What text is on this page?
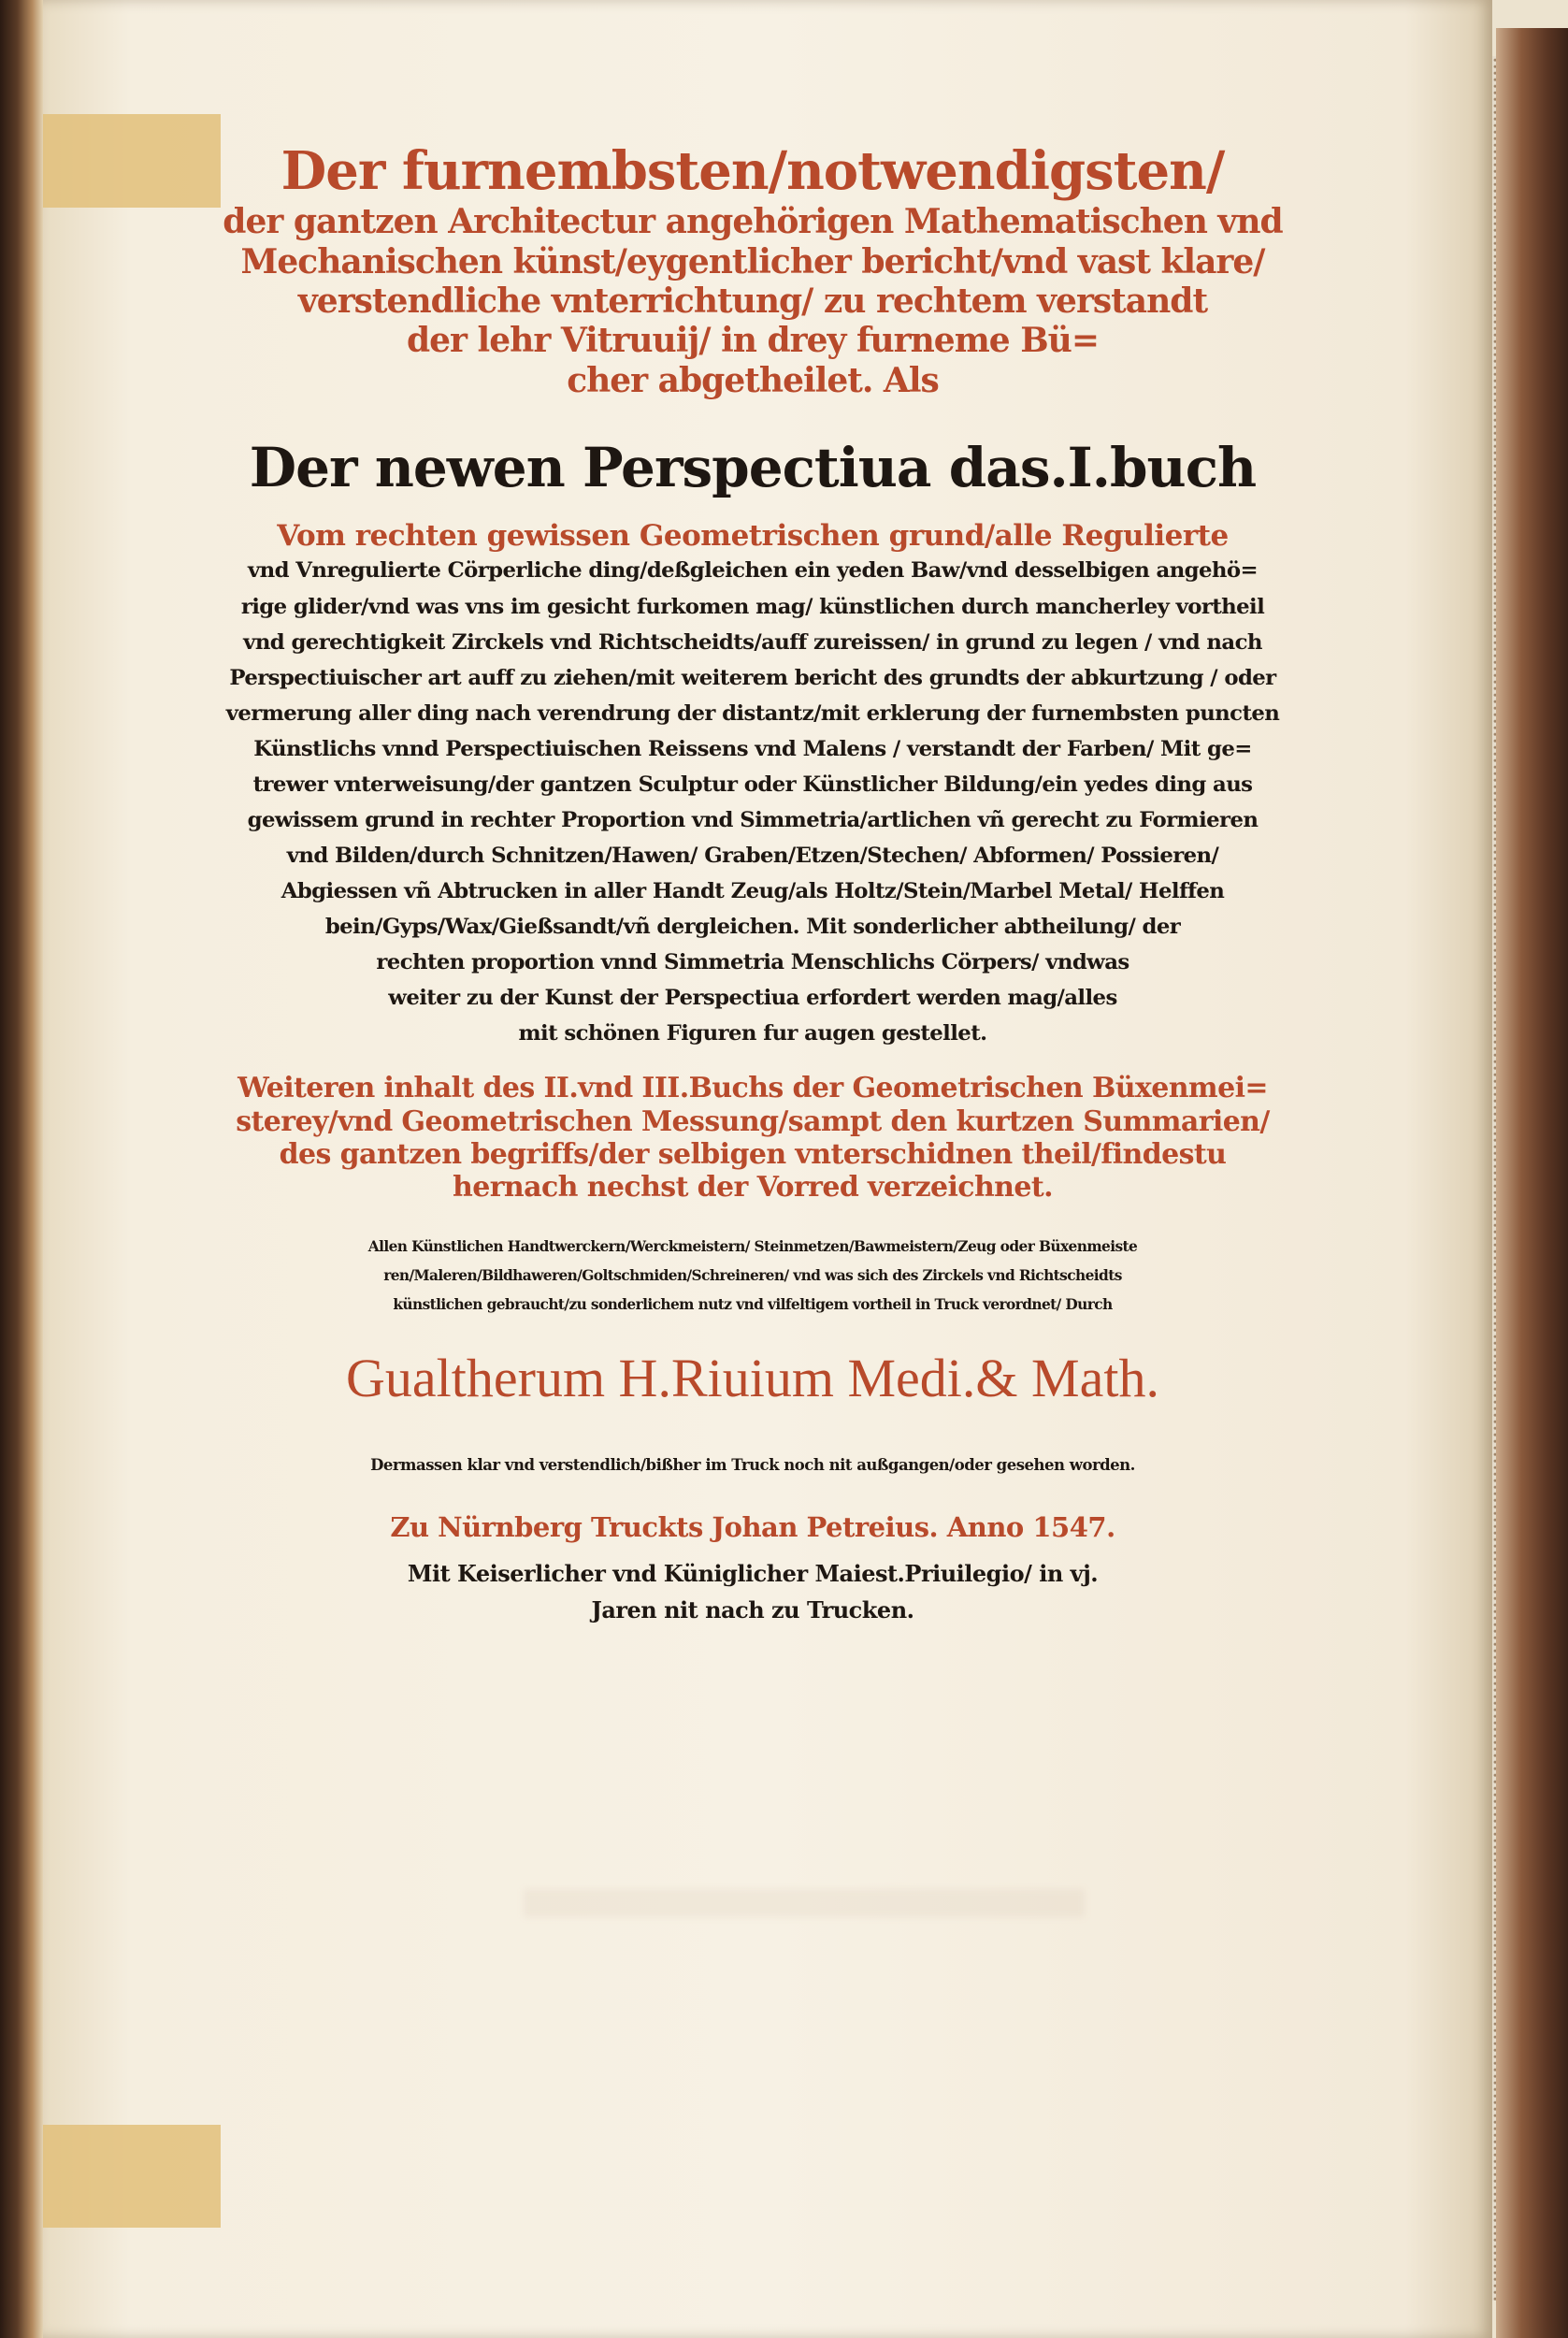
Der furnembsten/notwendigsten/
der gantzen Architectur angehörigen Mathematischen vnd
Mechanischen künst/eygentlicher bericht/vnd vast klare/
verstendliche vnterrichtung/ zu rechtem verstandt
der lehr Vitruuij/ in drey furneme Bü=
cher abgetheilet. Als
Der newen Perspectiua das.I.buch
Vom rechten gewissen Geometrischen grund/alle Regulierte
vnd Vnregulierte Cörperliche ding/deßgleichen ein yeden Baw/vnd desselbigen angehö=
rige glider/vnd was vns im gesicht furkomen mag/ künstlichen durch mancherley vortheil
vnd gerechtigkeit Zirckels vnd Richtscheidts/auff zureissen/ in grund zu legen / vnd nach
Perspectiuischer art auff zu ziehen/mit weiterem bericht des grundts der abkurtzung / oder
vermerung aller ding nach verendrung der distantz/mit erklerung der furnembsten puncten
Künstlichs vnnd Perspectiuischen Reissens vnd Malens / verstandt der Farben/ Mit ge=
trewer vnterweisung/der gantzen Sculptur oder Künstlicher Bildung/ein yedes ding aus
gewissem grund in rechter Proportion vnd Simmetria/artlichen vñ gerecht zu Formieren
vnd Bilden/durch Schnitzen/Hawen/ Graben/Etzen/Stechen/ Abformen/ Possieren/
Abgiessen vñ Abtrucken in aller Handt Zeug/als Holtz/Stein/Marbel Metal/ Helffen
bein/Gyps/Wax/Gießsandt/vñ dergleichen. Mit sonderlicher abtheilung/ der
rechten proportion vnnd Simmetria Menschlichs Cörpers/ vndwas
weiter zu der Kunst der Perspectiua erfordert werden mag/alles
mit schönen Figuren fur augen gestellet.
Weiteren inhalt des II.vnd III.Buchs der Geometrischen Büxenmei=
sterey/vnd Geometrischen Messung/sampt den kurtzen Summarien/
des gantzen begriffs/der selbigen vnterschidnen theil/findestu
hernach nechst der Vorred verzeichnet.
Allen Künstlichen Handtwerckern/Werckmeistern/ Steinmetzen/Bawmeistern/Zeug oder Büxenmeiste
ren/Maleren/Bildhaweren/Goltschmiden/Schreineren/ vnd was sich des Zirckels vnd Richtscheidts
künstlichen gebraucht/zu sonderlichem nutz vnd vilfeltigem vortheil in Truck verordnet/ Durch
Gualtherum H.Riuium Medi.& Math.
Dermassen klar vnd verstendlich/bißher im Truck noch nit außgangen/oder gesehen worden.
Zu Nürnberg Truckts Johan Petreius. Anno 1547.
Mit Keiserlicher vnd Küniglicher Maiest.Priuilegio/ in vj.
Jaren nit nach zu Trucken.
